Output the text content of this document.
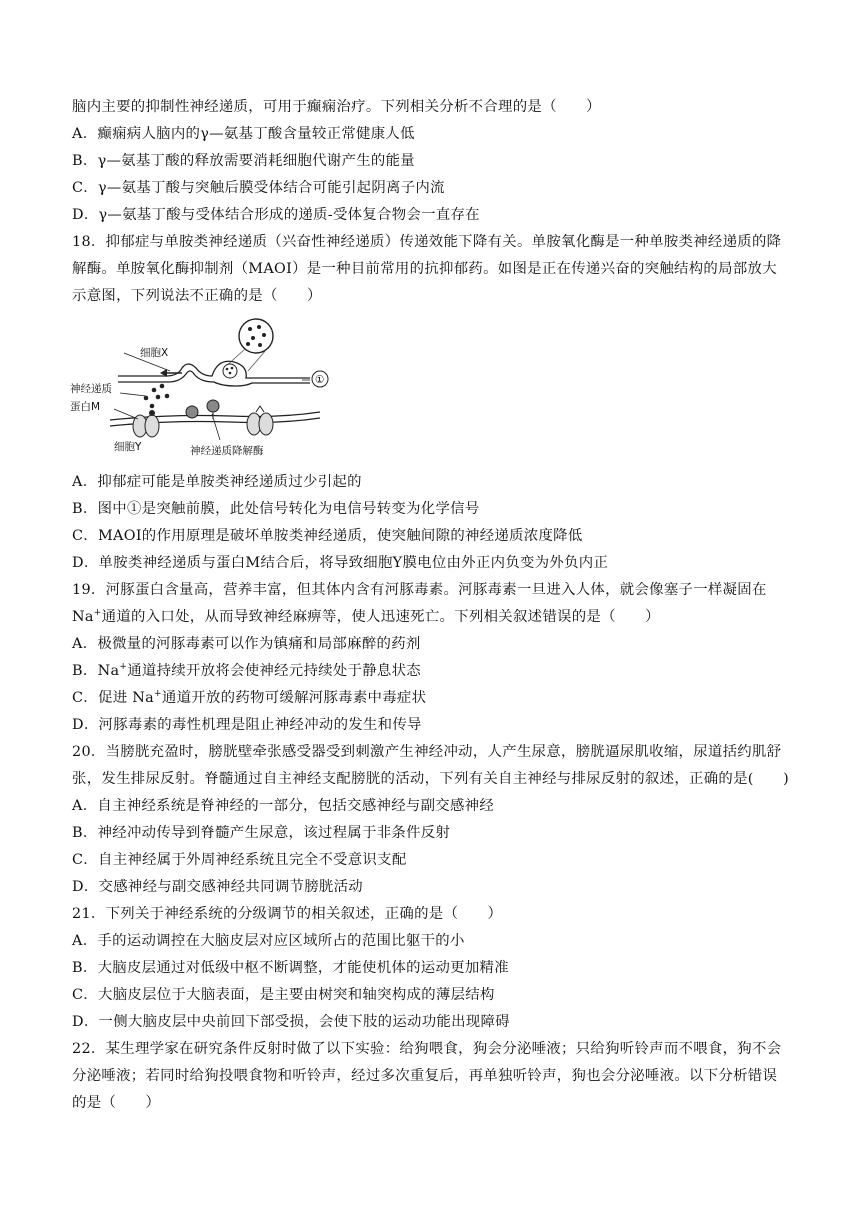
脑内主要的抑制性神经递质，可用于癫痫治疗。下列相关分析不合理的是（　　）
A．癫痫病人脑内的γ—氨基丁酸含量较正常健康人低
B．γ—氨基丁酸的释放需要消耗细胞代谢产生的能量
C．γ—氨基丁酸与突触后膜受体结合可能引起阴离子内流
D．γ—氨基丁酸与受体结合形成的递质-受体复合物会一直存在
18．抑郁症与单胺类神经递质（兴奋性神经递质）传递效能下降有关。单胺氧化酶是一种单胺类神经递质的降
解酶。单胺氧化酶抑制剂（MAOI）是一种目前常用的抗抑郁药。如图是正在传递兴奋的突触结构的局部放大
示意图，下列说法不正确的是（　　）
细胞X
神经递质
蛋白M
细胞Y	神经递质降解酶
①
A．抑郁症可能是单胺类神经递质过少引起的
B．图中①是突触前膜，此处信号转化为电信号转变为化学信号
C．MAOI的作用原理是破坏单胺类神经递质，使突触间隙的神经递质浓度降低
D．单胺类神经递质与蛋白M结合后，将导致细胞Y膜电位由外正内负变为外负内正
19．河豚蛋白含量高，营养丰富，但其体内含有河豚毒素。河豚毒素一旦进入人体，就会像塞子一样凝固在
Na+通道的入口处，从而导致神经麻痹等，使人迅速死亡。下列相关叙述错误的是（　　）
A．极微量的河豚毒素可以作为镇痛和局部麻醉的药剂
B．Na+通道持续开放将会使神经元持续处于静息状态
C．促进 Na+通道开放的药物可缓解河豚毒素中毒症状
D．河豚毒素的毒性机理是阻止神经冲动的发生和传导
20．当膀胱充盈时，膀胱壁牵张感受器受到刺激产生神经冲动，人产生尿意，膀胱逼尿肌收缩，尿道括约肌舒
张，发生排尿反射。脊髓通过自主神经支配膀胱的活动，下列有关自主神经与排尿反射的叙述，正确的是(　　)
A．自主神经系统是脊神经的一部分，包括交感神经与副交感神经
B．神经冲动传导到脊髓产生尿意，该过程属于非条件反射
C．自主神经属于外周神经系统且完全不受意识支配
D．交感神经与副交感神经共同调节膀胱活动
21．下列关于神经系统的分级调节的相关叙述，正确的是（　　）
A．手的运动调控在大脑皮层对应区域所占的范围比躯干的小
B．大脑皮层通过对低级中枢不断调整，才能使机体的运动更加精准
C．大脑皮层位于大脑表面，是主要由树突和轴突构成的薄层结构
D．一侧大脑皮层中央前回下部受损，会使下肢的运动功能出现障碍
22．某生理学家在研究条件反射时做了以下实验：给狗喂食，狗会分泌唾液；只给狗听铃声而不喂食，狗不会
分泌唾液；若同时给狗投喂食物和听铃声，经过多次重复后，再单独听铃声，狗也会分泌唾液。以下分析错误
的是（　　）
